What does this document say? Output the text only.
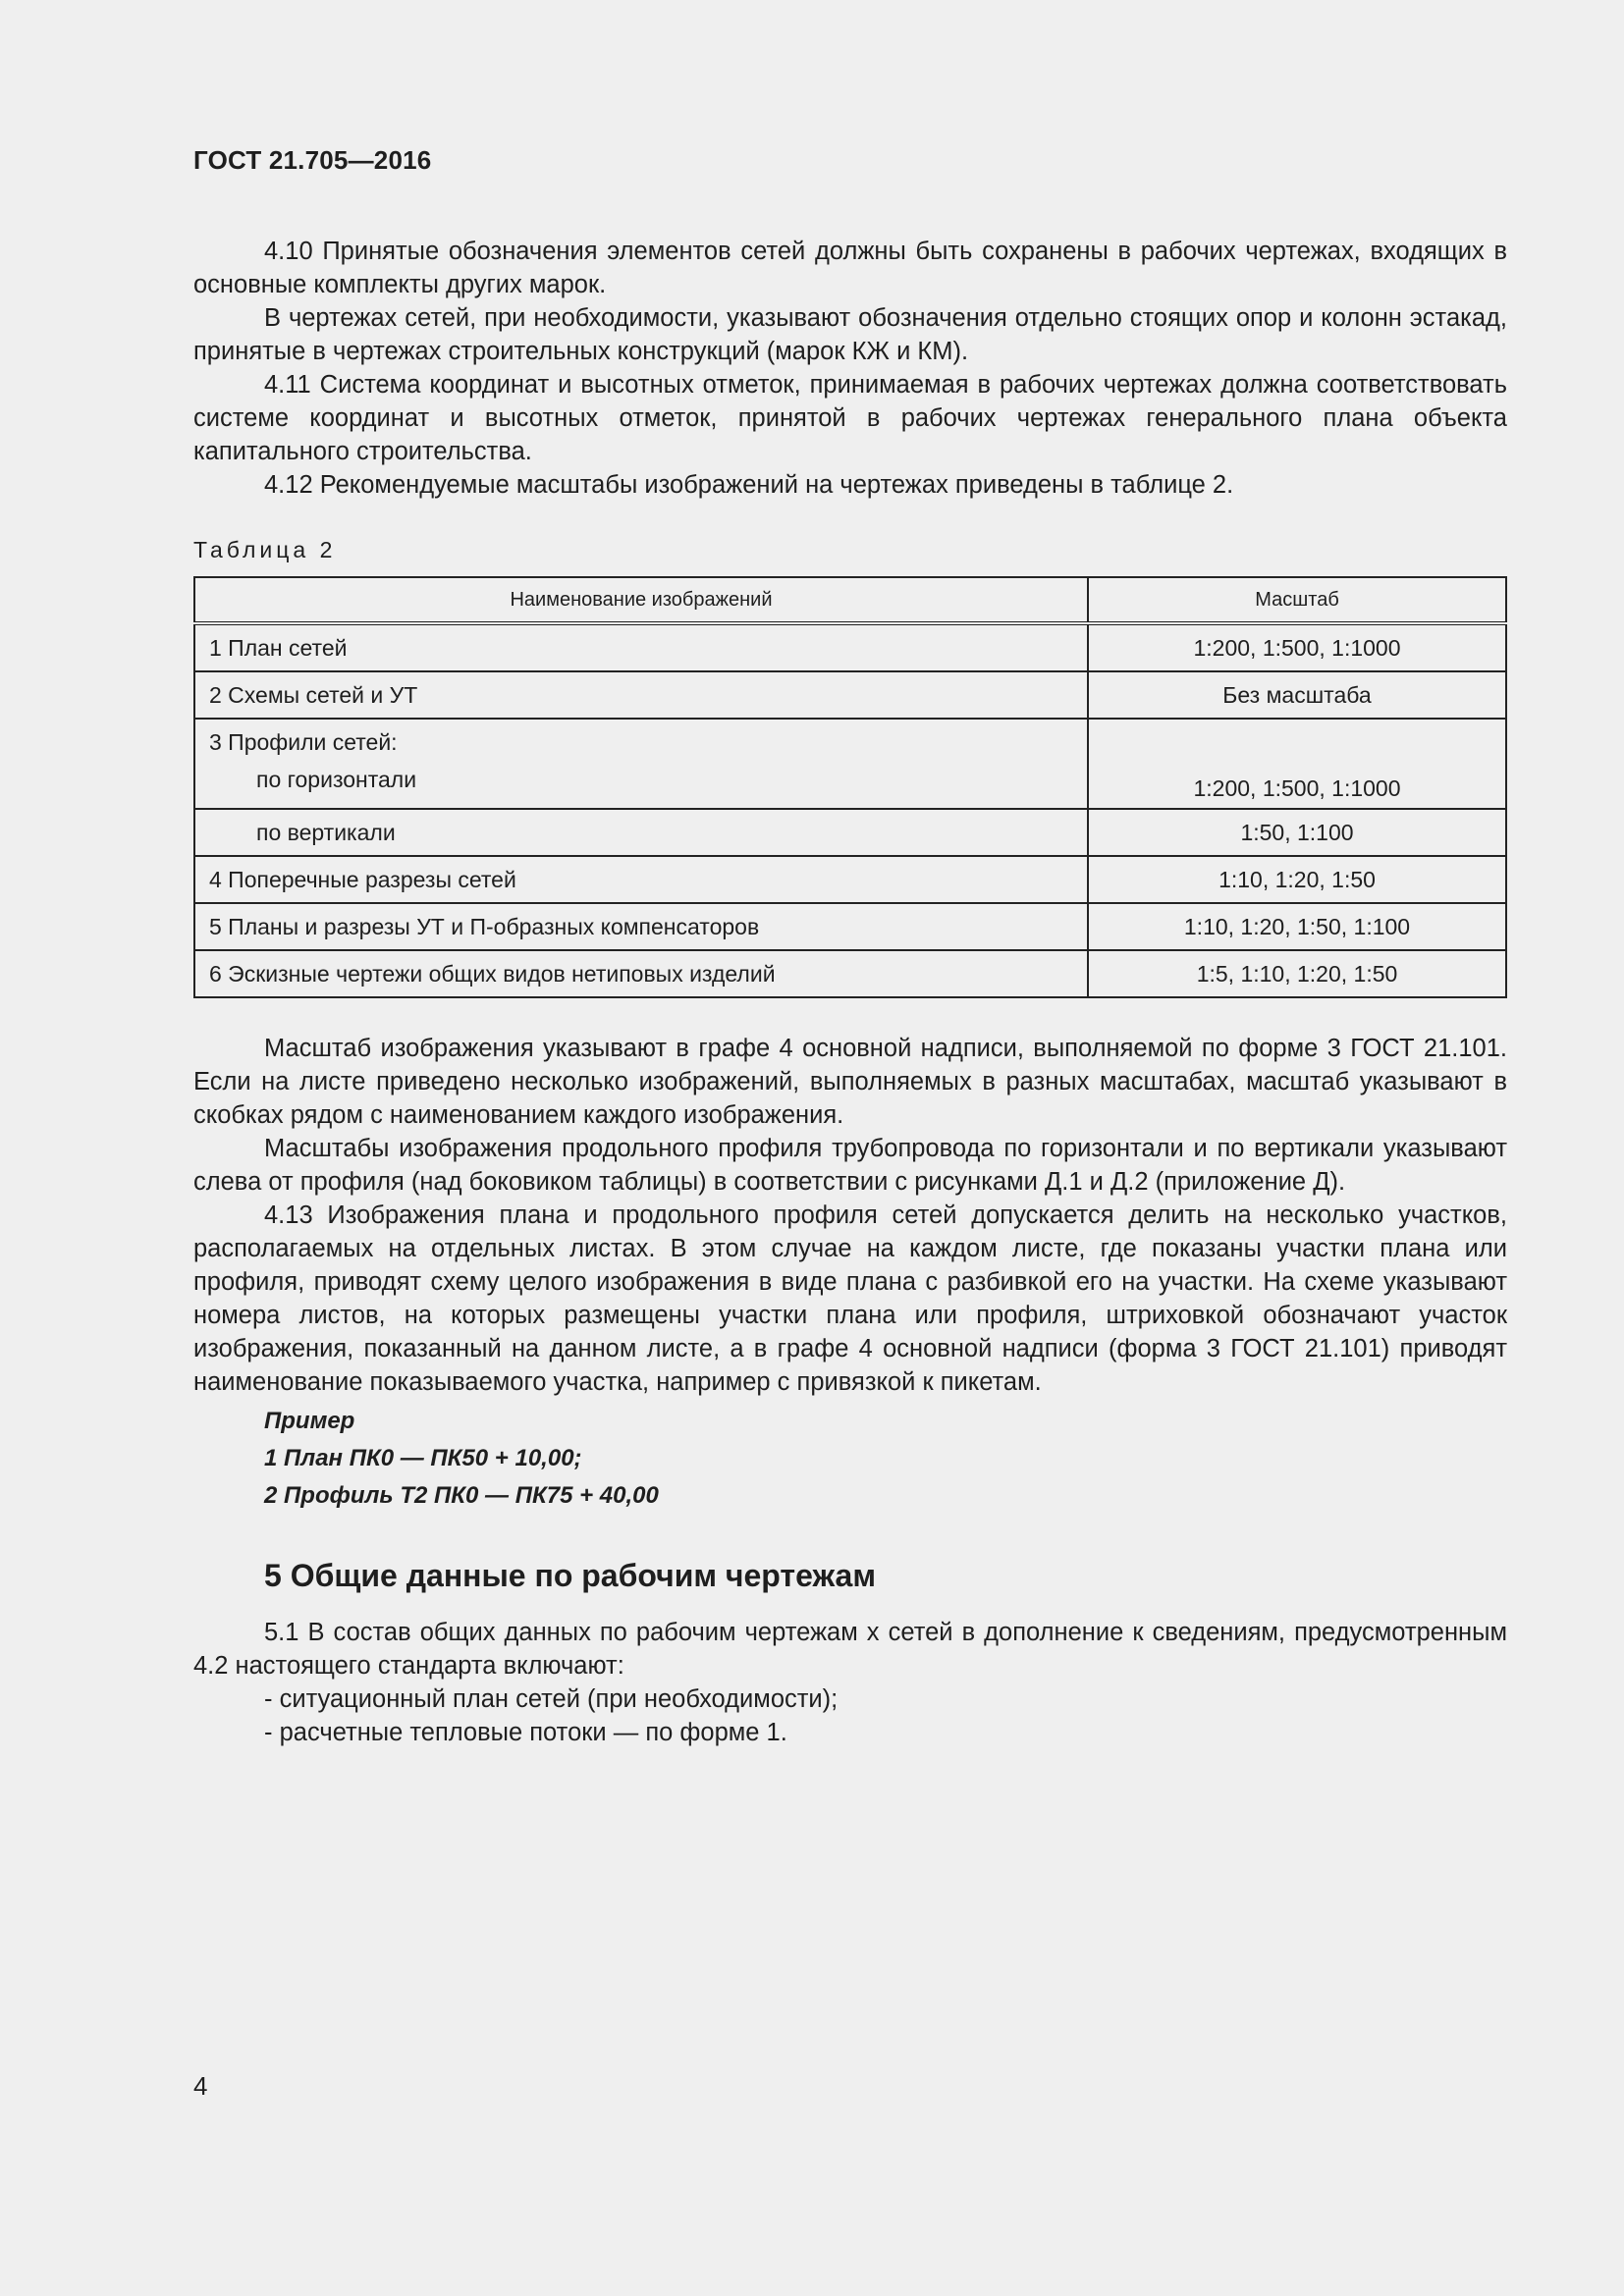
ГОСТ 21.705—2016

4.10 Принятые обозначения элементов сетей должны быть сохранены в рабочих чертежах, входящих в основные комплекты других марок.

В чертежах сетей, при необходимости, указывают обозначения отдельно стоящих опор и колонн эстакад, принятые в чертежах строительных конструкций (марок КЖ и КМ).

4.11 Система координат и высотных отметок, принимаемая в рабочих чертежах должна соответствовать системе координат и высотных отметок, принятой в рабочих чертежах генерального плана объекта капитального строительства.

4.12 Рекомендуемые масштабы изображений на чертежах приведены в таблице 2.

Таблица 2
Наименование изображений	Масштаб
1 План сетей	1:200, 1:500, 1:1000
2 Схемы сетей и УТ	Без масштаба
3 Профили сетей:
по горизонтали	1:200, 1:500, 1:1000

по вертикали	1:50, 1:100
4 Поперечные разрезы сетей	1:10, 1:20, 1:50
5 Планы и разрезы УТ и П-образных компенсаторов	1:10, 1:20, 1:50, 1:100
6 Эскизные чертежи общих видов нетиповых изделий	1:5, 1:10, 1:20, 1:50

Масштаб изображения указывают в графе 4 основной надписи, выполняемой по форме 3 ГОСТ 21.101. Если на листе приведено несколько изображений, выполняемых в разных масштабах, масштаб указывают в скобках рядом с наименованием каждого изображения.

Масштабы изображения продольного профиля трубопровода по горизонтали и по вертикали указывают слева от профиля (над боковиком таблицы) в соответствии с рисунками Д.1 и Д.2 (приложение Д).

4.13 Изображения плана и продольного профиля сетей допускается делить на несколько участков, располагаемых на отдельных листах. В этом случае на каждом листе, где показаны участки плана или профиля, приводят схему целого изображения в виде плана с разбивкой его на участки. На схеме указывают номера листов, на которых размещены участки плана или профиля, штриховкой обозначают участок изображения, показанный на данном листе, а в графе 4 основной надписи (форма 3 ГОСТ 21.101) приводят наименование показываемого участка, например с привязкой к пикетам.

Пример
1 План ПК0 — ПК50 + 10,00;
2 Профиль Т2 ПК0 — ПК75 + 40,00
5 Общие данные по рабочим чертежам

5.1 В состав общих данных по рабочим чертежам х сетей в дополнение к сведениям, предусмотренным 4.2 настоящего стандарта включают:

- ситуационный план сетей (при необходимости);
- расчетные тепловые потоки — по форме 1.
4
